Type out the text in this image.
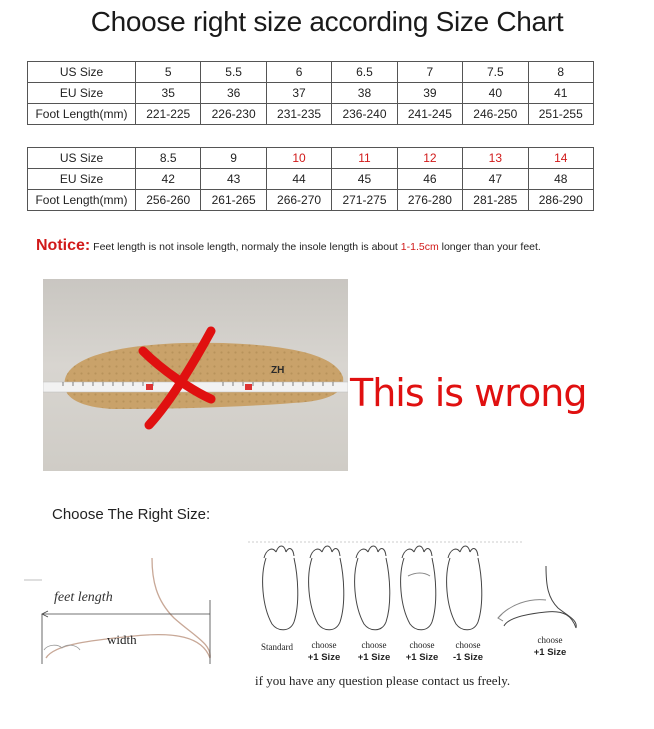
Choose right size according Size Chart
US Size	5	5.5	6	6.5	7	7.5	8
EU Size	35	36	37	38	39	40	41
Foot Length(mm)	221-225	226-230	231-235	236-240	241-245	246-250	251-255
US Size	8.5	9	10	11	12	13	14
EU Size	42	43	44	45	46	47	48
Foot Length(mm)	256-260	261-265	266-270	271-275	276-280	281-285	286-290
Notice: Feet length is not insole length, normaly the insole length is about 1-1.5cm longer than your feet.
ZH
This is wrong
Choose The Right Size:
feet length
width	Standard	choose
+1 Size
choose
+1 Size
choose
+1 Size
choose
-1 Size
choose
+1 Size
if you have any question please contact us freely.
